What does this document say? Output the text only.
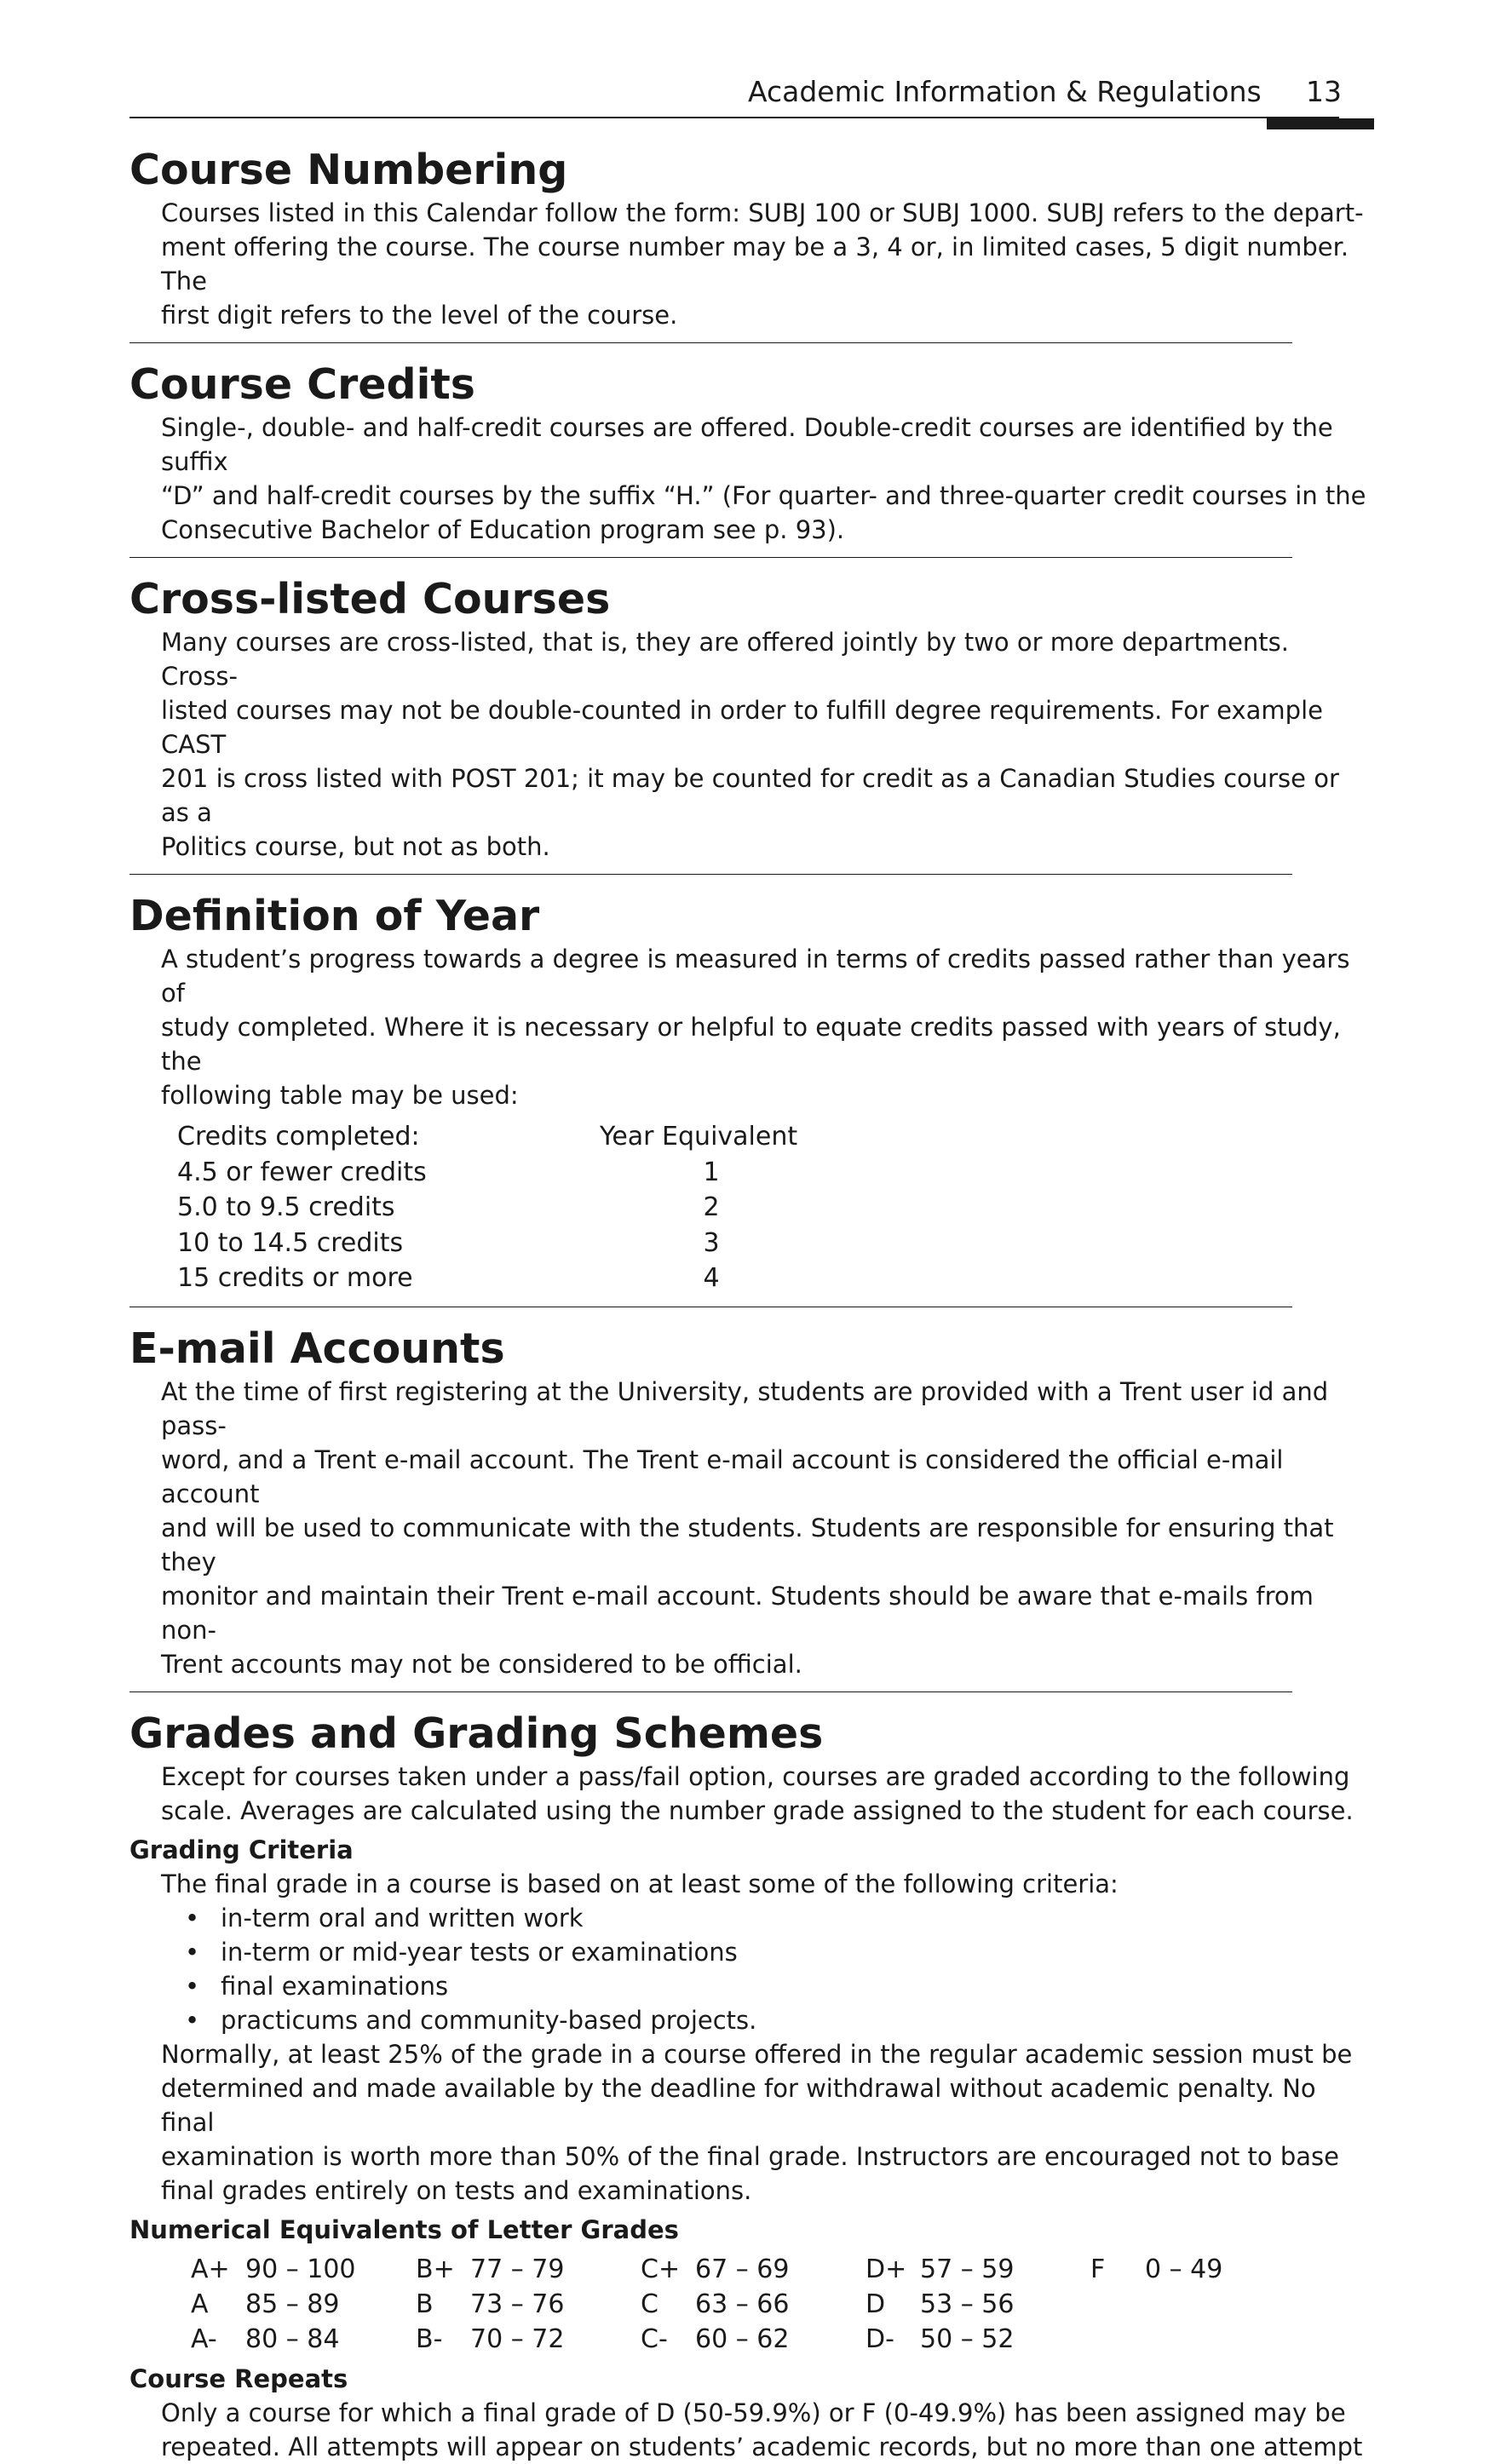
Academic Information & Regulations 13
Course Numbering

Courses listed in this Calendar follow the form: SUBJ 100 or SUBJ 1000. SUBJ refers to the depart-
ment offering the course. The course number may be a 3, 4 or, in limited cases, 5 digit number. The
first digit refers to the level of the course.

Course Credits

Single-, double- and half-credit courses are offered. Double-credit courses are identified by the suffix
“D” and half-credit courses by the suffix “H.” (For quarter- and three-quarter credit courses in the
Consecutive Bachelor of Education program see p. 93).

Cross-listed Courses

Many courses are cross-listed, that is, they are offered jointly by two or more departments. Cross-
listed courses may not be double-counted in order to fulfill degree requirements. For example CAST
201 is cross listed with POST 201; it may be counted for credit as a Canadian Studies course or as a
Politics course, but not as both.

Definition of Year

A student’s progress towards a degree is measured in terms of credits passed rather than years of
study completed. Where it is necessary or helpful to equate credits passed with years of study, the
following table may be used:

Credits completed:	Year Equivalent
4.5 or fewer credits	1
5.0 to 9.5 credits	2
10 to 14.5 credits	3
15 credits or more	4
E-mail Accounts

At the time of first registering at the University, students are provided with a Trent user id and pass-
word, and a Trent e-mail account. The Trent e-mail account is considered the official e-mail account
and will be used to communicate with the students. Students are responsible for ensuring that they
monitor and maintain their Trent e-mail account. Students should be aware that e-mails from non-
Trent accounts may not be considered to be official.

Grades and Grading Schemes

Except for courses taken under a pass/fail option, courses are graded according to the following
scale. Averages are calculated using the number grade assigned to the student for each course.

Grading Criteria

The final grade in a course is based on at least some of the following criteria:

• in-term oral and written work
• in-term or mid-year tests or examinations
• final examinations
• practicums and community-based projects.

Normally, at least 25% of the grade in a course offered in the regular academic session must be
determined and made available by the deadline for withdrawal without academic penalty. No final
examination is worth more than 50% of the final grade. Instructors are encouraged not to base
final grades entirely on tests and examinations.

Numerical Equivalents of Letter Grades
A+ 90 – 100 B+ 77 – 79	C+ 67 – 69	D+ 57 – 59	F	0 – 49
A	85 – 89	B	73 – 76	C	63 – 66	D	53 – 56
A-	80 – 84	B-	70 – 72	C-	60 – 62	D-	50 – 52
Course Repeats

Only a course for which a final grade of D (50-59.9%) or F (0-49.9%) has been assigned may be
repeated. All attempts will appear on students’ academic records, but no more than one attempt
